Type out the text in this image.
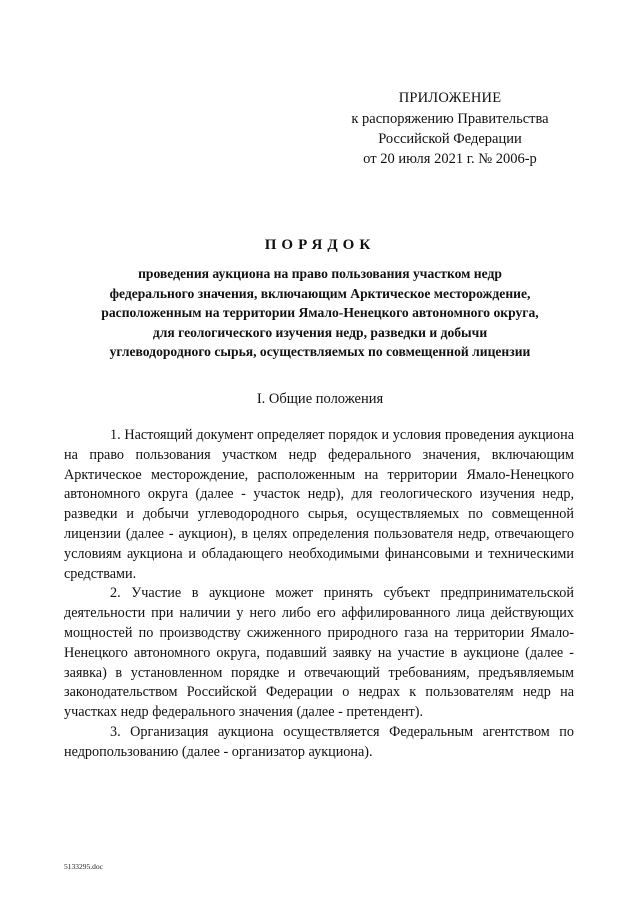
ПРИЛОЖЕНИЕ
к распоряжению Правительства
Российской Федерации
от 20 июля 2021 г. № 2006-р
ПОРЯДОК
проведения аукциона на право пользования участком недр
федерального значения, включающим Арктическое месторождение,
расположенным на территории Ямало-Ненецкого автономного округа,
для геологического изучения недр, разведки и добычи
углеводородного сырья, осуществляемых по совмещенной лицензии
I. Общие положения

1. Настоящий документ определяет порядок и условия проведения аукциона на право пользования участком недр федерального значения, включающим Арктическое месторождение, расположенным на территории Ямало-Ненецкого автономного округа (далее - участок недр), для геологического изучения недр, разведки и добычи углеводородного сырья, осуществляемых по совмещенной лицензии (далее - аукцион), в целях определения пользователя недр, отвечающего условиям аукциона и обладающего необходимыми финансовыми и техническими средствами.

2. Участие в аукционе может принять субъект предпринимательской деятельности при наличии у него либо его аффилированного лица действующих мощностей по производству сжиженного природного газа на территории Ямало-Ненецкого автономного округа, подавший заявку на участие в аукционе (далее - заявка) в установленном порядке и отвечающий требованиям, предъявляемым законодательством Российской Федерации о недрах к пользователям недр на участках недр федерального значения (далее - претендент).

3. Организация аукциона осуществляется Федеральным агентством по недропользованию (далее - организатор аукциона).

5133295.doc
